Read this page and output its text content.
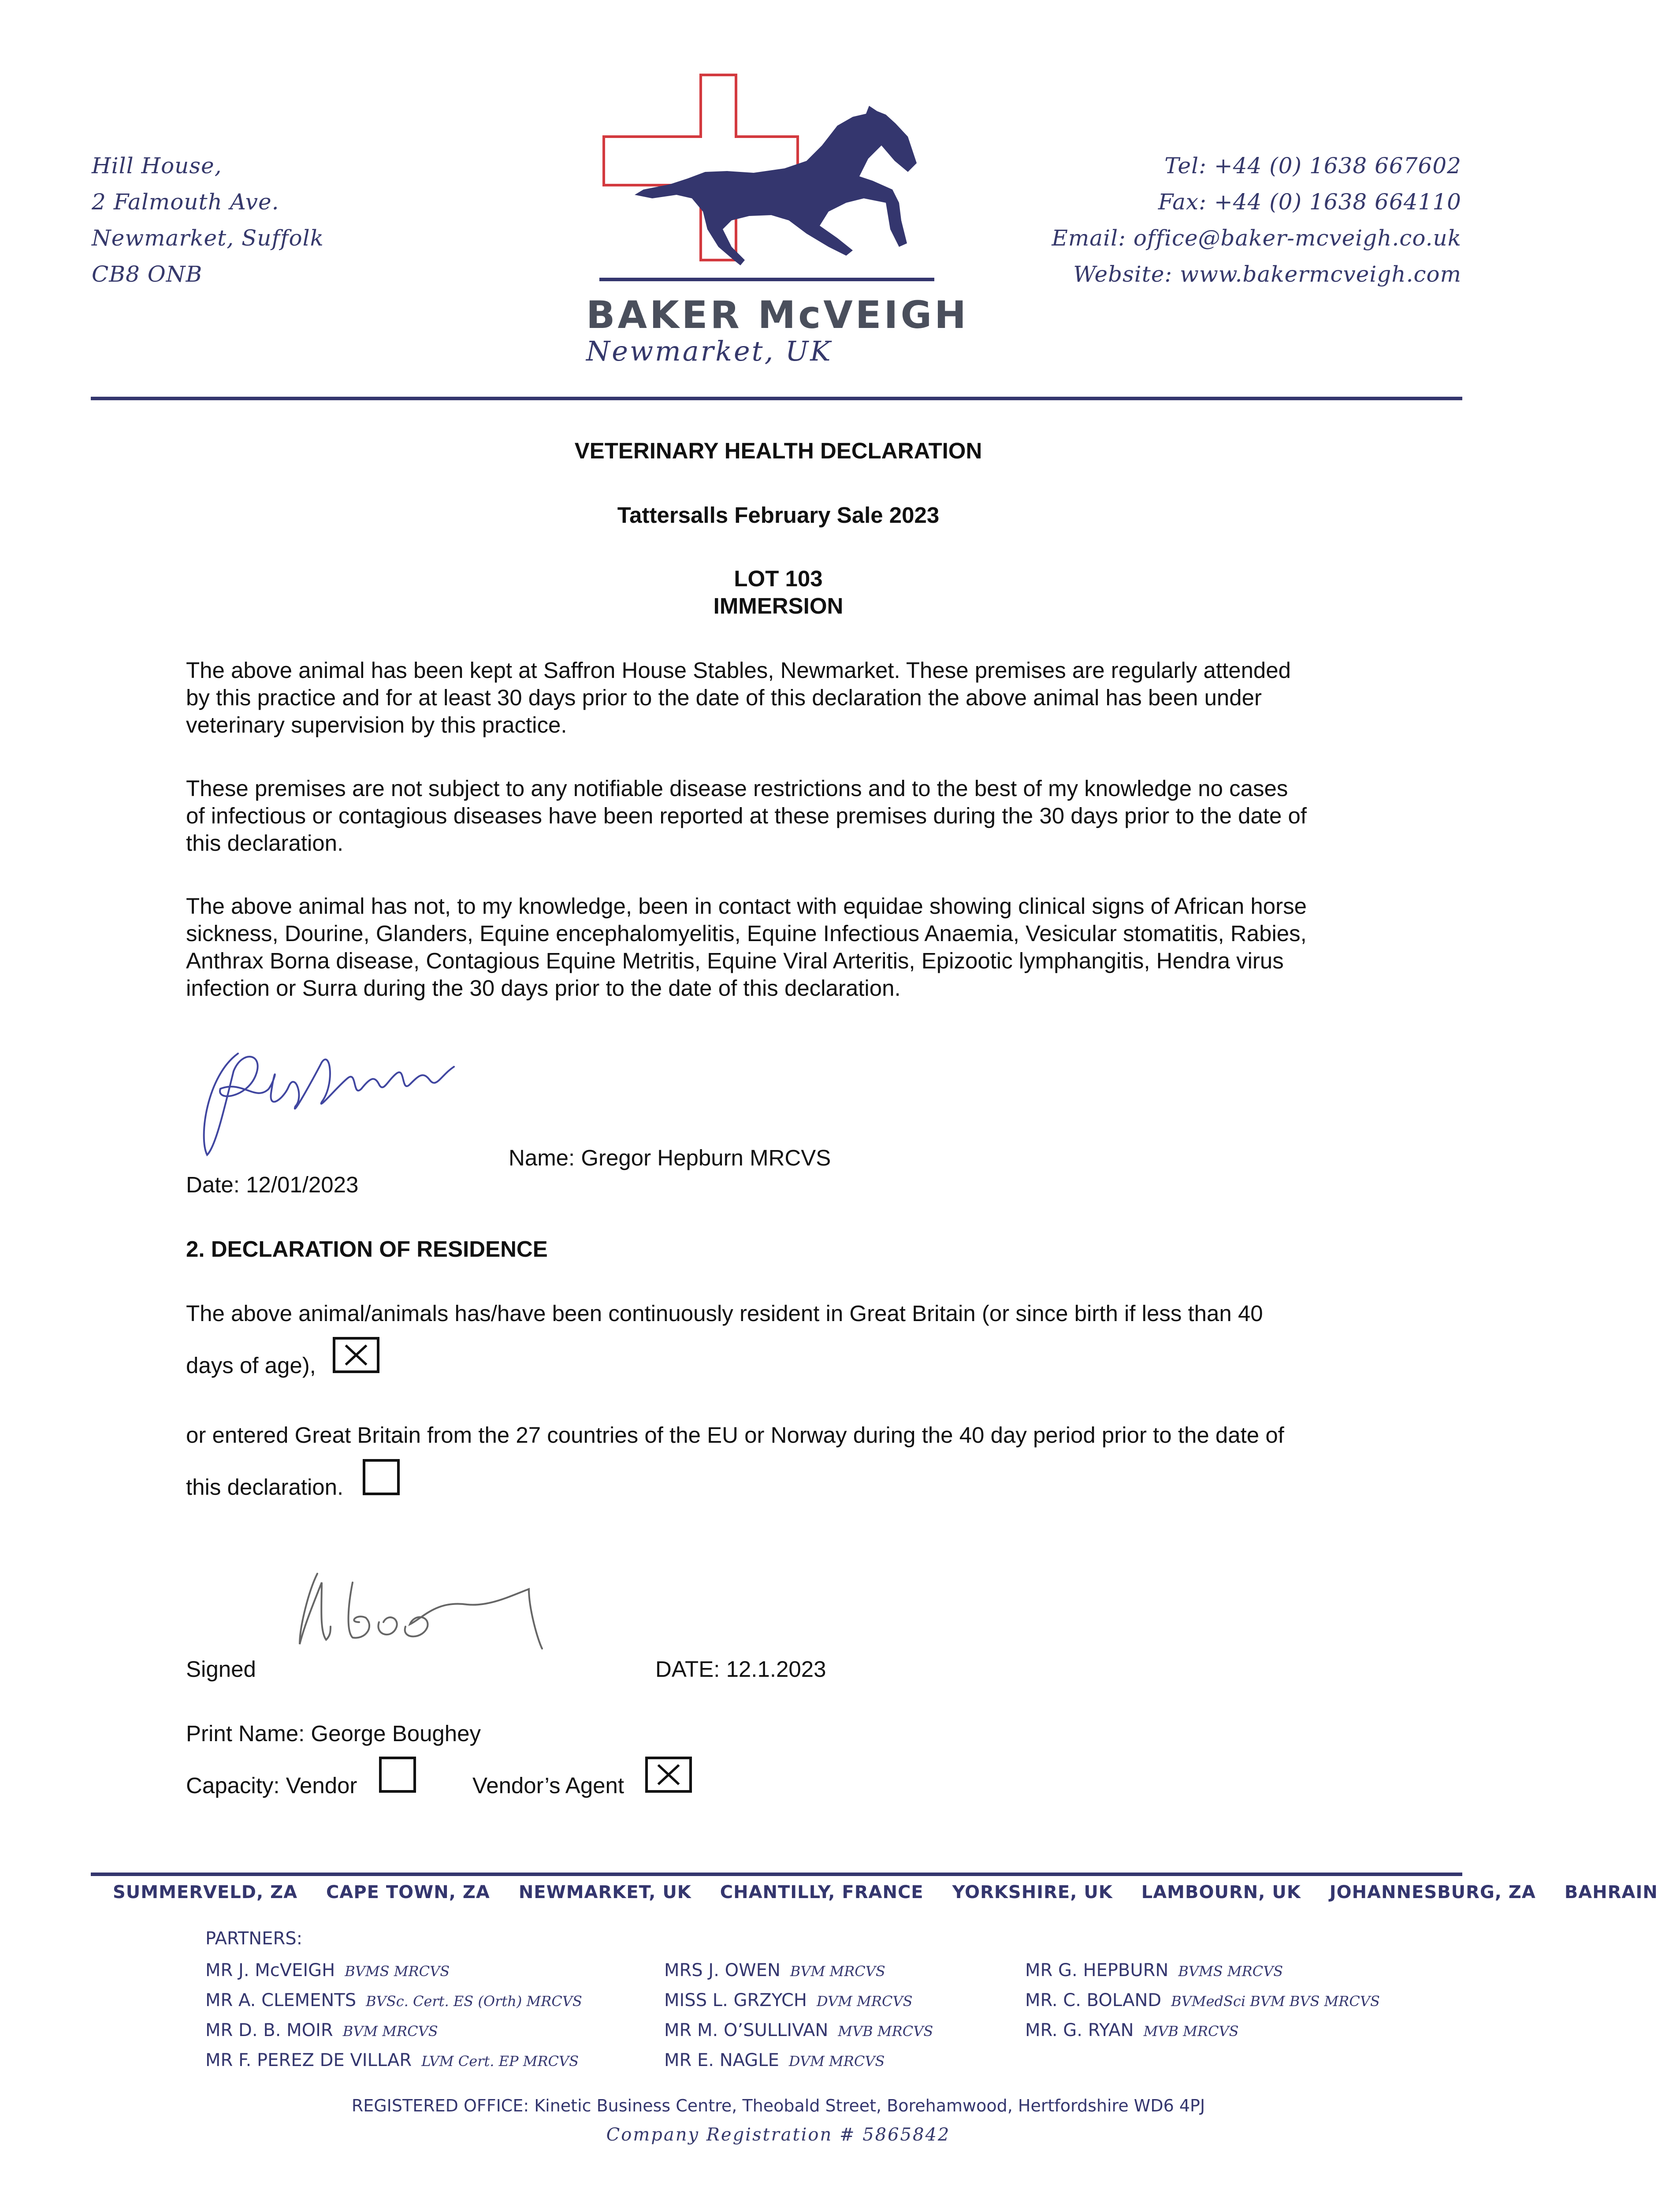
Hill House,
2 Falmouth Ave.
Newmarket, Suffolk
CB8 ONB
BAKER McVEIGH
Newmarket, UK
Tel: +44 (0) 1638 667602
Fax: +44 (0) 1638 664110
Email: office@baker-mcveigh.co.uk
Website: www.bakermcveigh.com
VETERINARY HEALTH DECLARATION
Tattersalls February Sale 2023
LOT 103
IMMERSION
The above animal has been kept at Saffron House Stables, Newmarket. These premises are regularly attended
by this practice and for at least 30 days prior to the date of this declaration the above animal has been under
veterinary supervision by this practice.
These premises are not subject to any notifiable disease restrictions and to the best of my knowledge no cases
of infectious or contagious diseases have been reported at these premises during the 30 days prior to the date of
this declaration.
The above animal has not, to my knowledge, been in contact with equidae showing clinical signs of African horse
sickness, Dourine, Glanders, Equine encephalomyelitis, Equine Infectious Anaemia, Vesicular stomatitis, Rabies,
Anthrax Borna disease, Contagious Equine Metritis, Equine Viral Arteritis, Epizootic lymphangitis, Hendra virus
infection or Surra during the 30 days prior to the date of this declaration.
Name: Gregor Hepburn MRCVS
Date: 12/01/2023
2. DECLARATION OF RESIDENCE
The above animal/animals has/have been continuously resident in Great Britain (or since birth if less than 40
days of age),
or entered Great Britain from the 27 countries of the EU or Norway during the 40 day period prior to the date of
this declaration.
Signed	DATE: 12.1.2023
Print Name: George Boughey
Capacity: Vendor	Vendor’s Agent
SUMMERVELD, ZA CAPE TOWN, ZA NEWMARKET, UK CHANTILLY, FRANCE YORKSHIRE, UK LAMBOURN, UK JOHANNESBURG, ZA BAHRAIN
PARTNERS:
MR J. McVEIGH BVMS MRCVS
MR A. CLEMENTS BVSc. Cert. ES (Orth) MRCVS
MR D. B. MOIR BVM MRCVS
MR F. PEREZ DE VILLAR LVM Cert. EP MRCVS
MRS J. OWEN BVM MRCVS
MISS L. GRZYCH DVM MRCVS
MR M. O’SULLIVAN MVB MRCVS
MR E. NAGLE DVM MRCVS
MR G. HEPBURN BVMS MRCVS
MR. C. BOLAND BVMedSci BVM BVS MRCVS
MR. G. RYAN MVB MRCVS
REGISTERED OFFICE: Kinetic Business Centre, Theobald Street, Borehamwood, Hertfordshire WD6 4PJ
Company Registration # 5865842
